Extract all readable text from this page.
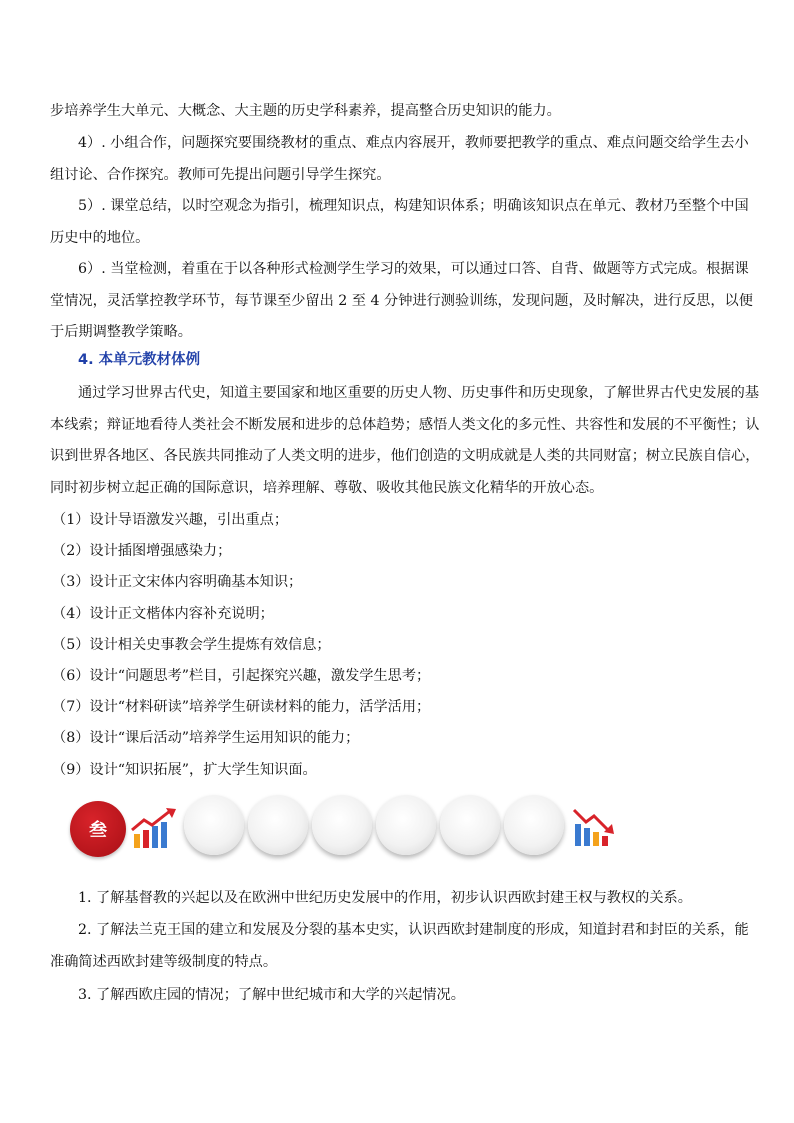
步培养学生大单元、大概念、大主题的历史学科素养，提高整合历史知识的能力。

4）. 小组合作，问题探究要围绕教材的重点、难点内容展开，教师要把教学的重点、难点问题交给学生去小组讨论、合作探究。教师可先提出问题引导学生探究。

5）. 课堂总结，以时空观念为指引，梳理知识点，构建知识体系；明确该知识点在单元、教材乃至整个中国历史中的地位。

6）. 当堂检测，着重在于以各种形式检测学生学习的效果，可以通过口答、自背、做题等方式完成。根据课堂情况，灵活掌控教学环节，每节课至少留出 2 至 4 分钟进行测验训练，发现问题，及时解决，进行反思，以便于后期调整教学策略。

4. 本单元教材体例

通过学习世界古代史，知道主要国家和地区重要的历史人物、历史事件和历史现象，了解世界古代史发展的基本线索；辩证地看待人类社会不断发展和进步的总体趋势；感悟人类文化的多元性、共容性和发展的不平衡性；认识到世界各地区、各民族共同推动了人类文明的进步，他们创造的文明成就是人类的共同财富；树立民族自信心，同时初步树立起正确的国际意识，培养理解、尊敬、吸收其他民族文化精华的开放心态。

（1）设计导语激发兴趣，引出重点；
（2）设计插图增强感染力；
（3）设计正文宋体内容明确基本知识；
（4）设计正文楷体内容补充说明；
（5）设计相关史事教会学生提炼有效信息；
（6）设计“问题思考”栏目，引起探究兴趣，激发学生思考；
（7）设计“材料研读”培养学生研读材料的能力，活学活用；
（8）设计“课后活动”培养学生运用知识的能力；
（9）设计“知识拓展”，扩大学生知识面。
叁

1. 了解基督教的兴起以及在欧洲中世纪历史发展中的作用，初步认识西欧封建王权与教权的关系。

2. 了解法兰克王国的建立和发展及分裂的基本史实，认识西欧封建制度的形成，知道封君和封臣的关系，能准确简述西欧封建等级制度的特点。

3. 了解西欧庄园的情况；了解中世纪城市和大学的兴起情况。
